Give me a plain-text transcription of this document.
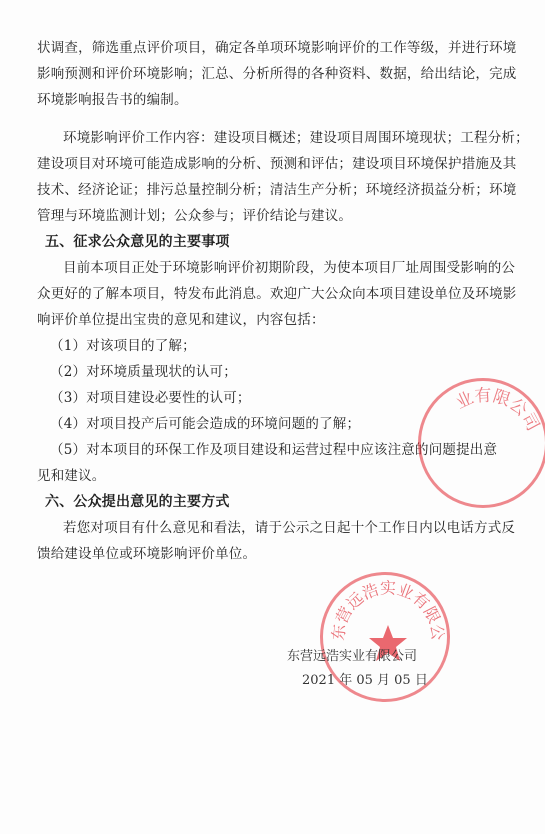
状调查，筛选重点评价项目，确定各单项环境影响评价的工作等级，并进行环境
影响预测和评价环境影响；汇总、分析所得的各种资料、数据，给出结论，完成
环境影响报告书的编制。
环境影响评价工作内容：建设项目概述；建设项目周围环境现状；工程分析；
建设项目对环境可能造成影响的分析、预测和评估；建设项目环境保护措施及其
技术、经济论证；排污总量控制分析；清洁生产分析；环境经济损益分析；环境
管理与环境监测计划；公众参与；评价结论与建议。
五、征求公众意见的主要事项
目前本项目正处于环境影响评价初期阶段，为使本项目厂址周围受影响的公
众更好的了解本项目，特发布此消息。欢迎广大公众向本项目建设单位及环境影
响评价单位提出宝贵的意见和建议，内容包括：
（1）对该项目的了解；
（2）对环境质量现状的认可；
（3）对项目建设必要性的认可；
（4）对项目投产后可能会造成的环境问题的了解；
（5）对本项目的环保工作及项目建设和运营过程中应该注意的问题提出意
见和建议。
六、公众提出意见的主要方式
若您对项目有什么意见和看法，请于公示之日起十个工作日内以电话方式反
馈给建设单位或环境影响评价单位。
业有限公司
东营远浩实业有限公司
东营远浩实业有限公司
2021 年 05 月 05 日
